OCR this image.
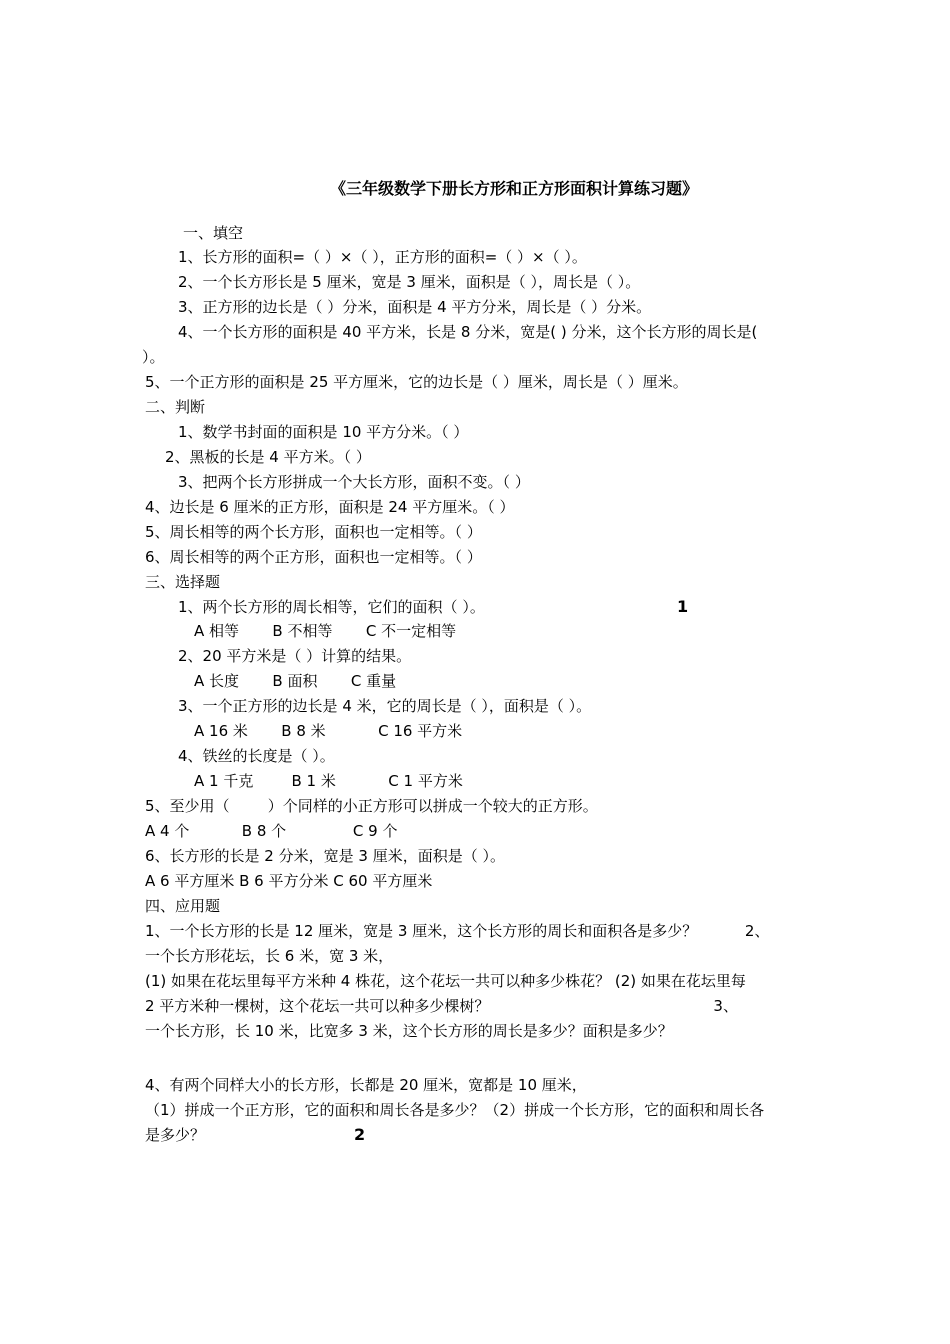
《三年级数学下册长方形和正方形面积计算练习题》
一、填空
1、长方形的面积=（ ）×（ ），正方形的面积=（ ）×（ ）。
2、一个长方形长是 5 厘米，宽是 3 厘米，面积是（ ），周长是（ ）。
3、正方形的边长是（ ）分米，面积是 4 平方分米，周长是（ ）分米。
4、一个长方形的面积是 40 平方米，长是 8 分米，宽是( ) 分米，这个长方形的周长是(
）。
5、一个正方形的面积是 25 平方厘米，它的边长是（ ）厘米，周长是（ ）厘米。
二、判断
1、数学书封面的面积是 10 平方分米。（ ）
2、黑板的长是 4 平方米。（ ）
3、把两个长方形拼成一个大长方形，面积不变。（ ）
4、边长是 6 厘米的正方形，面积是 24 平方厘米。（ ）
5、周长相等的两个长方形，面积也一定相等。（ ）
6、周长相等的两个正方形，面积也一定相等。（ ）
三、选择题
1、两个长方形的周长相等，它们的面积（ ）。	1
A 相等       B 不相等       C 不一定相等
2、20 平方米是（ ）计算的结果。
A 长度       B 面积       C 重量
3、一个正方形的边长是 4 米，它的周长是（ ），面积是（ ）。
A 16 米       B 8 米           C 16 平方米
4、铁丝的长度是（ ）。
A 1 千克        B 1 米           C 1 平方米
5、至少用（        ）个同样的小正方形可以拼成一个较大的正方形。
A 4 个           B 8 个              C 9 个
6、长方形的长是 2 分米，宽是 3 厘米，面积是（ ）。
A 6 平方厘米 B 6 平方分米 C 60 平方厘米
四、应用题
1、一个长方形的长是 12 厘米，宽是 3 厘米，这个长方形的周长和面积各是多少？          2、
一个长方形花坛，长 6 米，宽 3 米，
(1) 如果在花坛里每平方米种 4 株花，这个花坛一共可以种多少株花？ (2) 如果在花坛里每
2 平方米种一棵树，这个花坛一共可以种多少棵树？                                               3、
一个长方形，长 10 米，比宽多 3 米，这个长方形的周长是多少？面积是多少？
4、有两个同样大小的长方形，长都是 20 厘米，宽都是 10 厘米，
（1）拼成一个正方形，它的面积和周长各是多少？（2）拼成一个长方形，它的面积和周长各
是多少？	2
